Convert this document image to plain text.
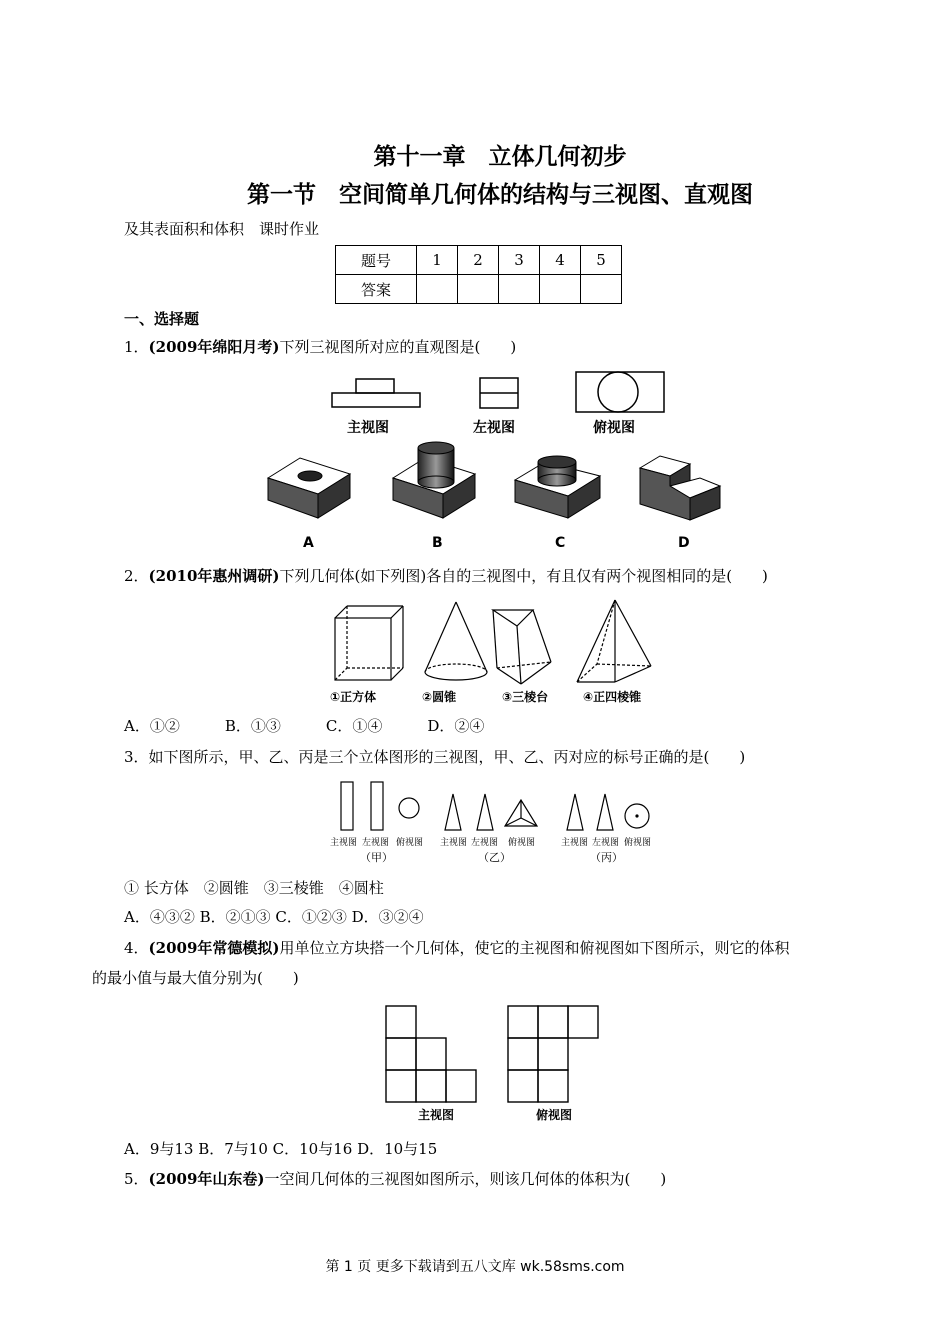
第十一章　立体几何初步
第一节　空间简单几何体的结构与三视图、直观图
及其表面积和体积　课时作业
题号	1	2	3	4	5
答案					
一、选择题
1．(2009年绵阳月考)下列三视图所对应的直观图是(　　)
主视图	左视图	俯视图
A	B	C	D
2．(2010年惠州调研)下列几何体(如下列图)各自的三视图中，有且仅有两个视图相同的是(　　)
①正方体	②圆锥	③三棱台	④正四棱锥
A．①②　　　B．①③　　　C．①④　　　D．②④
3．如下图所示，甲、乙、丙是三个立体图形的三视图，甲、乙、丙对应的标号正确的是(　　)
主视图 左视图 俯视图 主视图 左视图 俯视图	主视图 左视图 俯视图
（甲）	（乙）	（丙）
① 长方体　②圆锥　③三棱锥　④圆柱
A．④③② B．②①③ C．①②③ D．③②④
4．(2009年常德模拟)用单位立方块搭一个几何体，使它的主视图和俯视图如下图所示，则它的体积
的最小值与最大值分别为(　　)
主视图	俯视图
A．9与13 B．7与10 C．10与16 D．10与15
5．(2009年山东卷)一空间几何体的三视图如图所示，则该几何体的体积为(　　)
第 1 页 更多下载请到五八文库 wk.58sms.com
